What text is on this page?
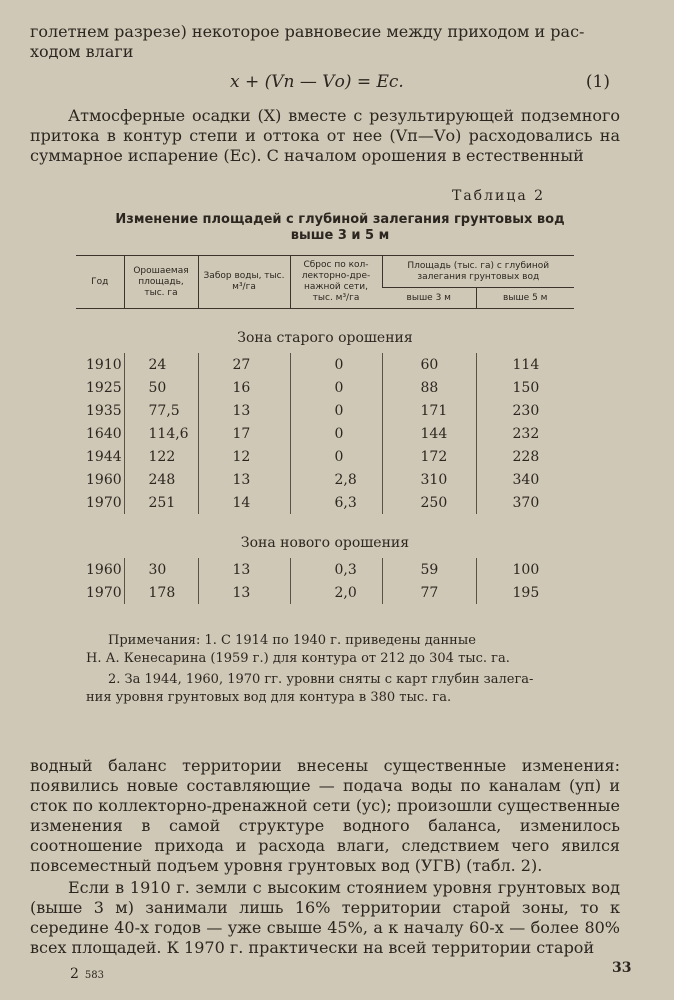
голетнем разрезе) некоторое равновесие между приходом и рас-
ходом влаги

x + (Vп — Vо) = Eс.	(1)

Атмосферные осадки (X) вместе с результирующей подземного притока в контур степи и оттока от нее (Vп—Vо) расходовались на суммарное испарение (Eс). С началом орошения в естественный

Таблица 2
Изменение площадей с глубиной залегания грунтовых вод
выше 3 и 5 м
Год	Орошаемая площадь, тыс. га	Забор воды, тыс. м³/га	Сброс по кол-лекторно-дре-нажной сети, тыс. м³/га	Площадь (тыс. га) с глубиной залегания грунтовых вод	
				выше 3 м	выше 5 м
Зона старого орошения					
1910	24	27	0	60	114
1925	50	16	0	88	150
1935	77,5	13	0	171	230
1640	114,6	17	0	144	232
1944	122	12	0	172	228
1960	248	13	2,8	310	340
1970	251	14	6,3	250	370
Зона нового орошения					
1960	30	13	0,3	59	100
1970	178	13	2,0	77	195

Примечания: 1. С 1914 по 1940 г. приведены данные

Н. А. Кенесарина (1959 г.) для контура от 212 до 304 тыс. га.

2. За 1944, 1960, 1970 гг. уровни сняты с карт глубин залега-

ния уровня грунтовых вод для контура в 380 тыс. га.

водный баланс территории внесены существенные изменения: появились новые составляющие — подача воды по каналам (yп) и сток по коллекторно-дренажной сети (yс); произошли существенные изменения в самой структуре водного баланса, изменилось соотношение прихода и расхода влаги, следствием чего явился повсеместный подъем уровня грунтовых вод (УГВ) (табл. 2).

Если в 1910 г. земли с высоким стоянием уровня грунтовых вод (выше 3 м) занимали лишь 16% территории старой зоны, то к середине 40-х годов — уже свыше 45%, а к началу 60-х — более 80% всех площадей. К 1970 г. практически на всей территории старой

2 583	33
